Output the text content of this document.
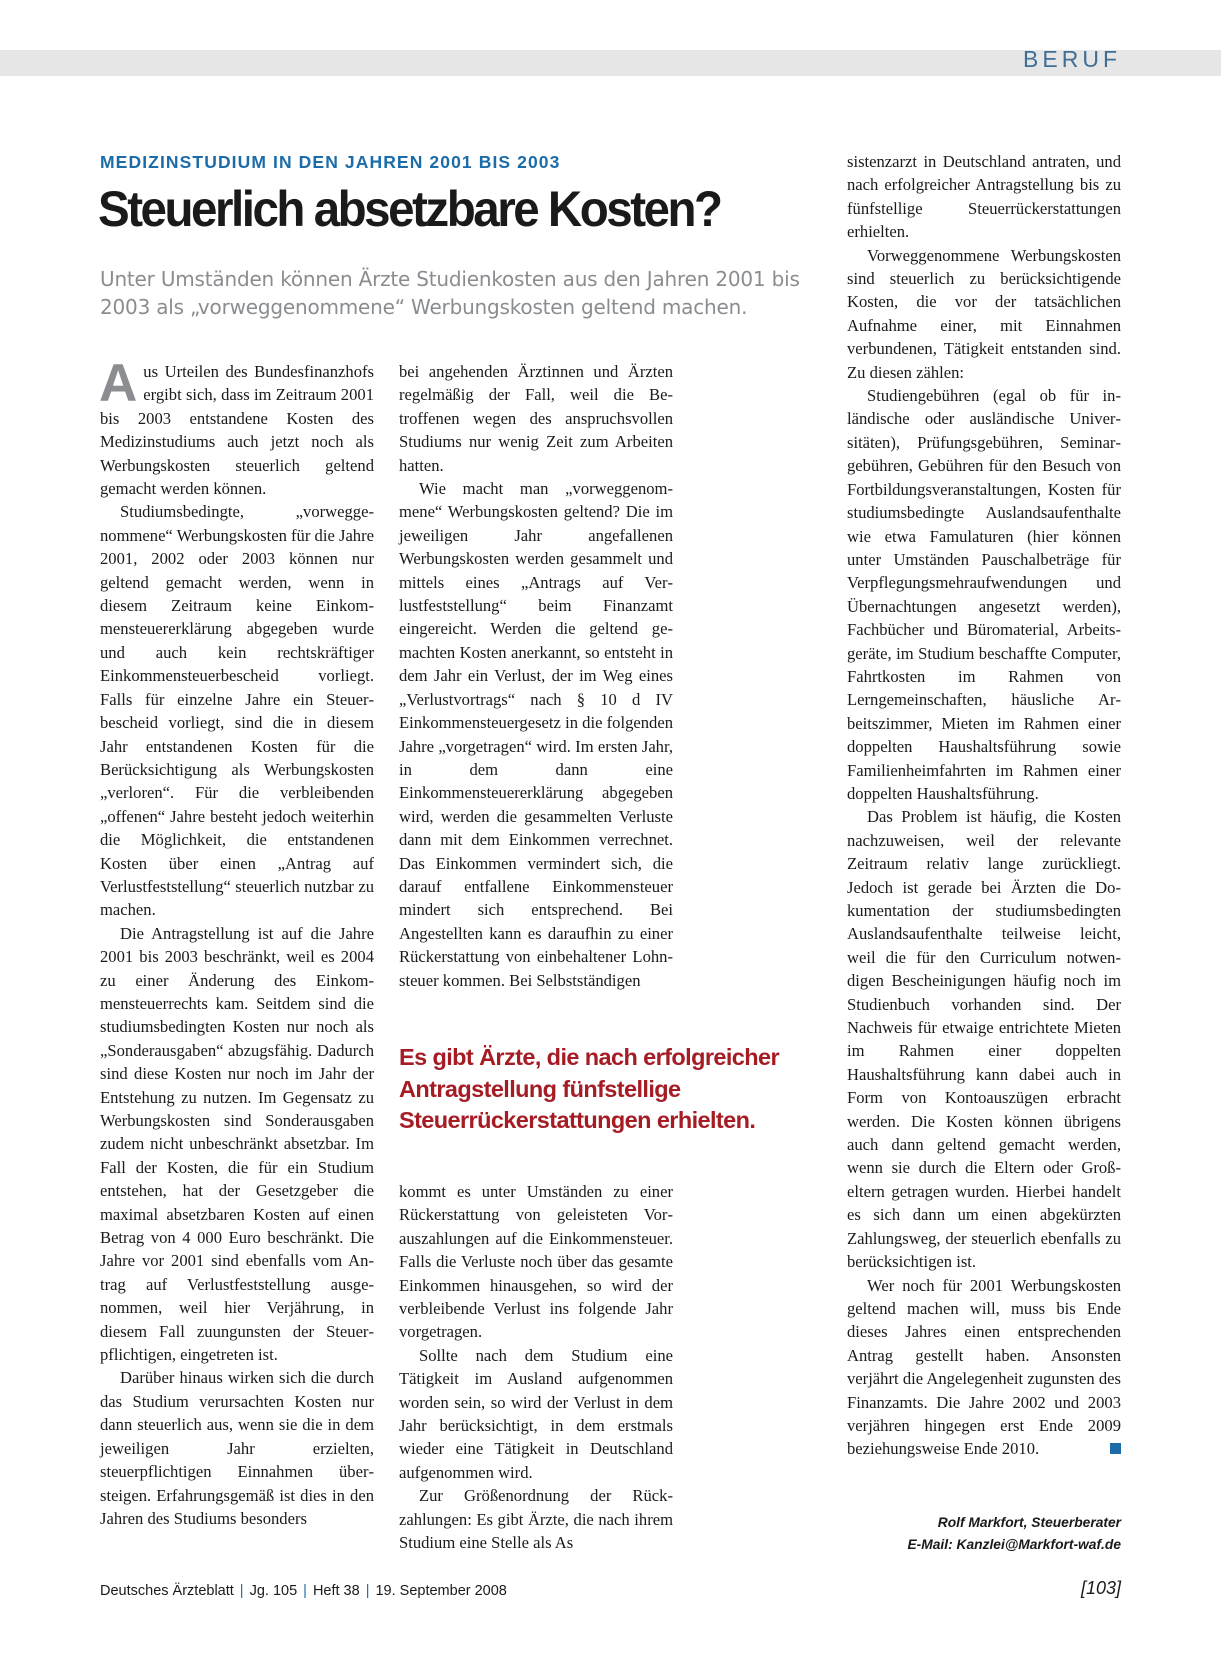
BERUF
MEDIZINSTUDIUM IN DEN JAHREN 2001 BIS 2003
Steuerlich absetzbare Kosten?
Unter Umständen können Ärzte Studienkosten aus den Jahren 2001 bis 2003 als „vorweggenommene“ Werbungskosten geltend machen.

Aus Urteilen des Bundesfinanzhofs ergibt sich, dass im Zeitraum 2001 bis 2003 entstandene Kosten des Medizinstudiums auch jetzt noch als Werbungskosten steuerlich geltend gemacht werden können.

Studiumsbedingte, „vorweggenommene“ Werbungskosten für die Jahre 2001, 2002 oder 2003 können nur geltend gemacht werden, wenn in diesem Zeitraum keine Einkommensteuererklärung abgegeben wurde und auch kein rechtskräftiger Einkommensteuerbescheid vorliegt. Falls für einzelne Jahre ein Steuerbescheid vorliegt, sind die in diesem Jahr entstandenen Kosten für die Berücksichtigung als Werbungskosten „verloren“. Für die verbleibenden „offenen“ Jahre besteht jedoch weiterhin die Möglichkeit, die entstandenen Kosten über einen „Antrag auf Verlustfeststellung“ steuerlich nutzbar zu machen.

Die Antragstellung ist auf die Jahre 2001 bis 2003 beschränkt, weil es 2004 zu einer Änderung des Einkommensteuerrechts kam. Seitdem sind die studiumsbedingten Kosten nur noch als „Sonderausgaben“ abzugsfähig. Dadurch sind diese Kosten nur noch im Jahr der Entstehung zu nutzen. Im Gegensatz zu Werbungskosten sind Sonderausgaben zudem nicht unbeschränkt absetzbar. Im Fall der Kosten, die für ein Studium entstehen, hat der Gesetzgeber die maximal absetzbaren Kosten auf einen Betrag von 4 000 Euro beschränkt. Die Jahre vor 2001 sind ebenfalls vom Antrag auf Verlustfeststellung ausgenommen, weil hier Verjährung, in diesem Fall zuungunsten der Steuerpflichtigen, eingetreten ist.

Darüber hinaus wirken sich die durch das Studium verursachten Kosten nur dann steuerlich aus, wenn sie die in dem jeweiligen Jahr erzielten, steuerpflichtigen Einnahmen übersteigen. Erfahrungsgemäß ist dies in den Jahren des Studiums besonders

bei angehenden Ärztinnen und Ärzten regelmäßig der Fall, weil die Betroffenen wegen des anspruchsvollen Studiums nur wenig Zeit zum Arbeiten hatten.

Wie macht man „vorweggenommene“ Werbungskosten geltend? Die im jeweiligen Jahr angefallenen Werbungskosten werden gesammelt und mittels eines „Antrags auf Verlustfeststellung“ beim Finanzamt eingereicht. Werden die geltend gemachten Kosten anerkannt, so entsteht in dem Jahr ein Verlust, der im Weg eines „Verlustvortrags“ nach § 10 d IV Einkommensteuergesetz in die folgenden Jahre „vorgetragen“ wird. Im ersten Jahr, in dem dann eine Einkommensteuererklärung abgegeben wird, werden die gesammelten Verluste dann mit dem Einkommen verrechnet. Das Einkommen vermindert sich, die darauf entfallene Einkommensteuer mindert sich entsprechend. Bei Angestellten kann es daraufhin zu einer Rückerstattung von einbehaltener Lohnsteuer kommen. Bei Selbstständigen

Es gibt Ärzte, die nach erfolgreicher Antragstellung fünfstellige Steuerrückerstattungen erhielten.

kommt es unter Umständen zu einer Rückerstattung von geleisteten Vorauszahlungen auf die Einkommensteuer. Falls die Verluste noch über das gesamte Einkommen hinausgehen, so wird der verbleibende Verlust ins folgende Jahr vorgetragen.

Sollte nach dem Studium eine Tätigkeit im Ausland aufgenommen worden sein, so wird der Verlust in dem Jahr berücksichtigt, in dem erstmals wieder eine Tätigkeit in Deutschland aufgenommen wird.

Zur Größenordnung der Rückzahlungen: Es gibt Ärzte, die nach ihrem Studium eine Stelle als As

sistenzarzt in Deutschland antraten, und nach erfolgreicher Antragstellung bis zu fünfstellige Steuerrückerstattungen erhielten.

Vorweggenommene Werbungskosten sind steuerlich zu berücksichtigende Kosten, die vor der tatsächlichen Aufnahme einer, mit Einnahmen verbundenen, Tätigkeit entstanden sind. Zu diesen zählen:

Studiengebühren (egal ob für inländische oder ausländische Universitäten), Prüfungsgebühren, Seminargebühren, Gebühren für den Besuch von Fortbildungsveranstaltungen, Kosten für studiumsbedingte Auslandsaufenthalte wie etwa Famulaturen (hier können unter Umständen Pauschalbeträge für Verpflegungsmehraufwendungen und Übernachtungen angesetzt werden), Fachbücher und Büromaterial, Arbeitsgeräte, im Studium beschaffte Computer, Fahrtkosten im Rahmen von Lerngemeinschaften, häusliche Arbeitszimmer, Mieten im Rahmen einer doppelten Haushaltsführung sowie Familienheimfahrten im Rahmen einer doppelten Haushaltsführung.

Das Problem ist häufig, die Kosten nachzuweisen, weil der relevante Zeitraum relativ lange zurückliegt. Jedoch ist gerade bei Ärzten die Dokumentation der studiumsbedingten Auslandsaufenthalte teilweise leicht, weil die für den Curriculum notwendigen Bescheinigungen häufig noch im Studienbuch vorhanden sind. Der Nachweis für etwaige entrichtete Mieten im Rahmen einer doppelten Haushaltsführung kann dabei auch in Form von Kontoauszügen erbracht werden. Die Kosten können übrigens auch dann geltend gemacht werden, wenn sie durch die Eltern oder Großeltern getragen wurden. Hierbei handelt es sich dann um einen abgekürzten Zahlungsweg, der steuerlich ebenfalls zu berücksichtigen ist.

Wer noch für 2001 Werbungskosten geltend machen will, muss bis Ende dieses Jahres einen entsprechenden Antrag gestellt haben. Ansonsten verjährt die Angelegenheit zugunsten des Finanzamts. Die Jahre 2002 und 2003 verjähren hingegen erst Ende 2009 beziehungsweise Ende 2010.

Rolf Markfort, Steuerberater
E-Mail: Kanzlei@Markfort-waf.de
Deutsches Ärzteblatt | Jg. 105 | Heft 38 | 19. September 2008	[103]
